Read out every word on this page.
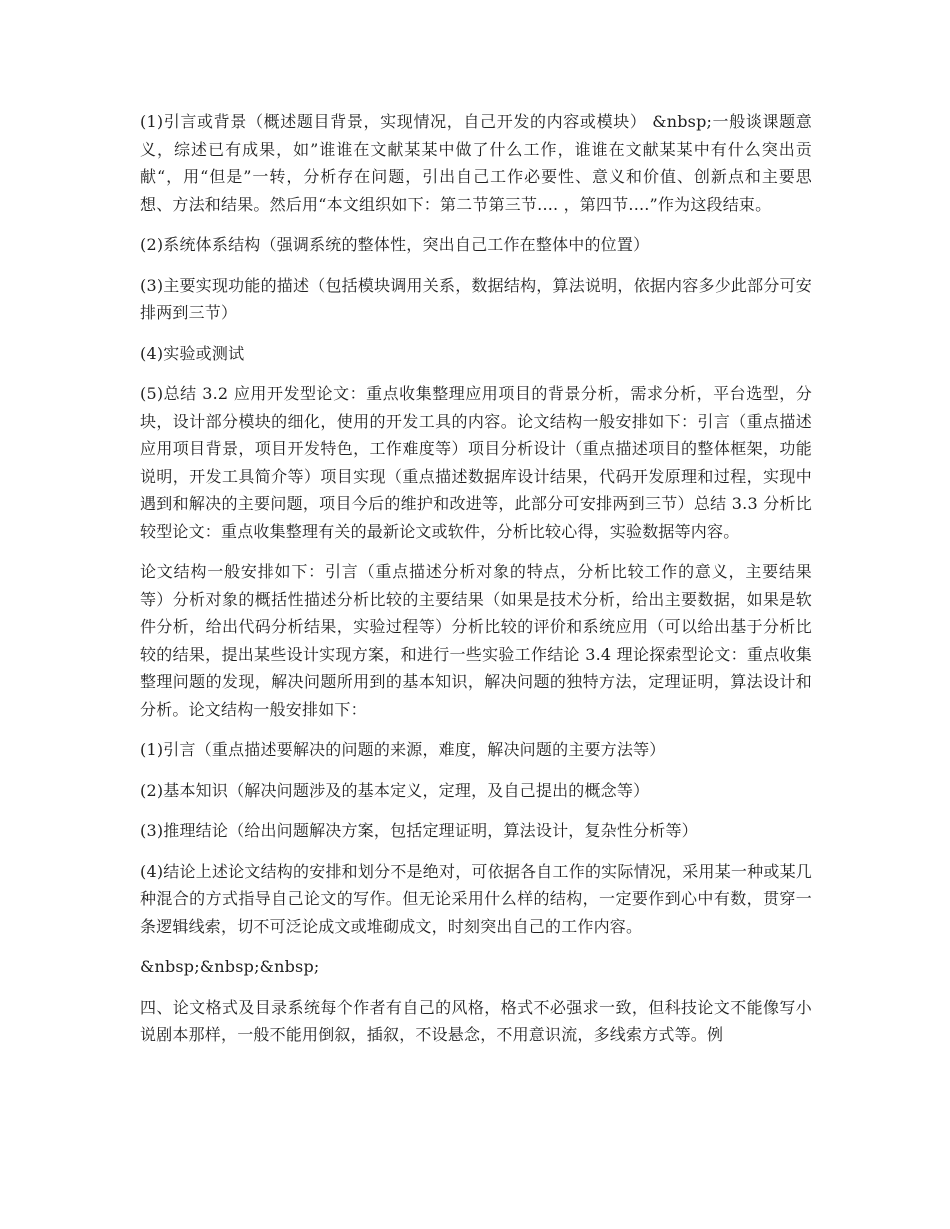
(1)引言或背景（概述题目背景，实现情况，自己开发的内容或模块） &nbsp;一般谈课题意义，综述已有成果，如”谁谁在文献某某中做了什么工作，谁谁在文献某某中有什么突出贡献“，用“但是”一转，分析存在问题，引出自己工作必要性、意义和价值、创新点和主要思想、方法和结果。然后用“本文组织如下：第二节第三节.... ，第四节....”作为这段结束。

(2)系统体系结构（强调系统的整体性，突出自己工作在整体中的位置）

(3)主要实现功能的描述（包括模块调用关系，数据结构，算法说明，依据内容多少此部分可安排两到三节）

(4)实验或测试

(5)总结 3.2 应用开发型论文：重点收集整理应用项目的背景分析，需求分析，平台选型，分块，设计部分模块的细化，使用的开发工具的内容。论文结构一般安排如下：引言（重点描述应用项目背景，项目开发特色，工作难度等）项目分析设计（重点描述项目的整体框架，功能说明，开发工具简介等）项目实现（重点描述数据库设计结果，代码开发原理和过程，实现中遇到和解决的主要问题，项目今后的维护和改进等，此部分可安排两到三节）总结 3.3 分析比较型论文：重点收集整理有关的最新论文或软件，分析比较心得，实验数据等内容。

论文结构一般安排如下：引言（重点描述分析对象的特点，分析比较工作的意义，主要结果等）分析对象的概括性描述分析比较的主要结果（如果是技术分析，给出主要数据，如果是软件分析，给出代码分析结果，实验过程等）分析比较的评价和系统应用（可以给出基于分析比较的结果，提出某些设计实现方案，和进行一些实验工作结论 3.4 理论探索型论文：重点收集整理问题的发现，解决问题所用到的基本知识，解决问题的独特方法，定理证明，算法设计和分析。论文结构一般安排如下：

(1)引言（重点描述要解决的问题的来源，难度，解决问题的主要方法等）

(2)基本知识（解决问题涉及的基本定义，定理，及自己提出的概念等）

(3)推理结论（给出问题解决方案，包括定理证明，算法设计，复杂性分析等）

(4)结论上述论文结构的安排和划分不是绝对，可依据各自工作的实际情况，采用某一种或某几种混合的方式指导自己论文的写作。但无论采用什么样的结构，一定要作到心中有数，贯穿一条逻辑线索，切不可泛论成文或堆砌成文，时刻突出自己的工作内容。

&nbsp;&nbsp;&nbsp;

四、论文格式及目录系统每个作者有自己的风格，格式不必强求一致，但科技论文不能像写小说剧本那样，一般不能用倒叙，插叙，不设悬念，不用意识流，多线索方式等。例
